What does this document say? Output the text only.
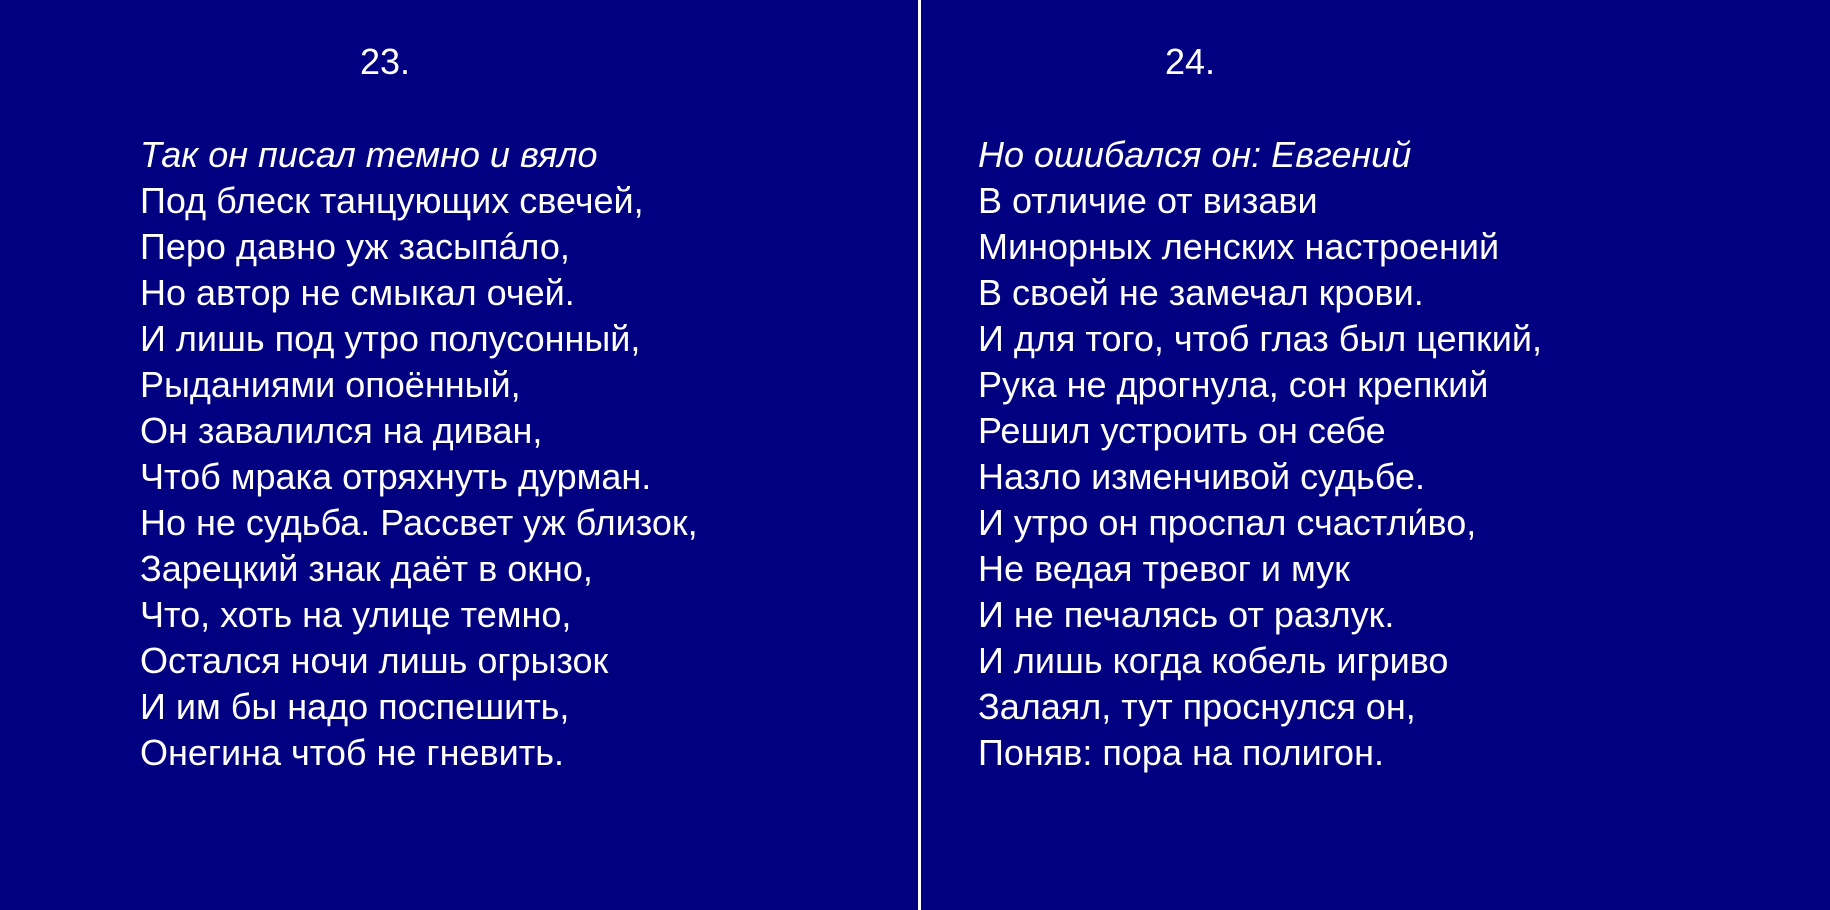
23.
Так он писал темно и вяло
Под блеск танцующих свечей,
Перо давно уж засыпáло,
Но автор не смыкал очей.
И лишь под утро полусонный,
Рыданиями опоённый,
Он завалился на диван,
Чтоб мрака отряхнуть дурман.
Но не судьба. Рассвет уж близок,
Зарецкий знак даёт в окно,
Что, хоть на улице темно,
Остался ночи лишь огрызок
И им бы надо поспешить,
Онегина чтоб не гневить.
24.
Но ошибался он: Евгений
В отличие от визави
Минорных ленских настроений
В своей не замечал крови.
И для того, чтоб глаз был цепкий,
Рука не дрогнула, сон крепкий
Решил устроить он себе
Назло изменчивой судьбе.
И утро он проспал счастли́во,
Не ведая тревог и мук
И не печалясь от разлук.
И лишь когда кобель игриво
Залаял, тут проснулся он,
Поняв: пора на полигон.
